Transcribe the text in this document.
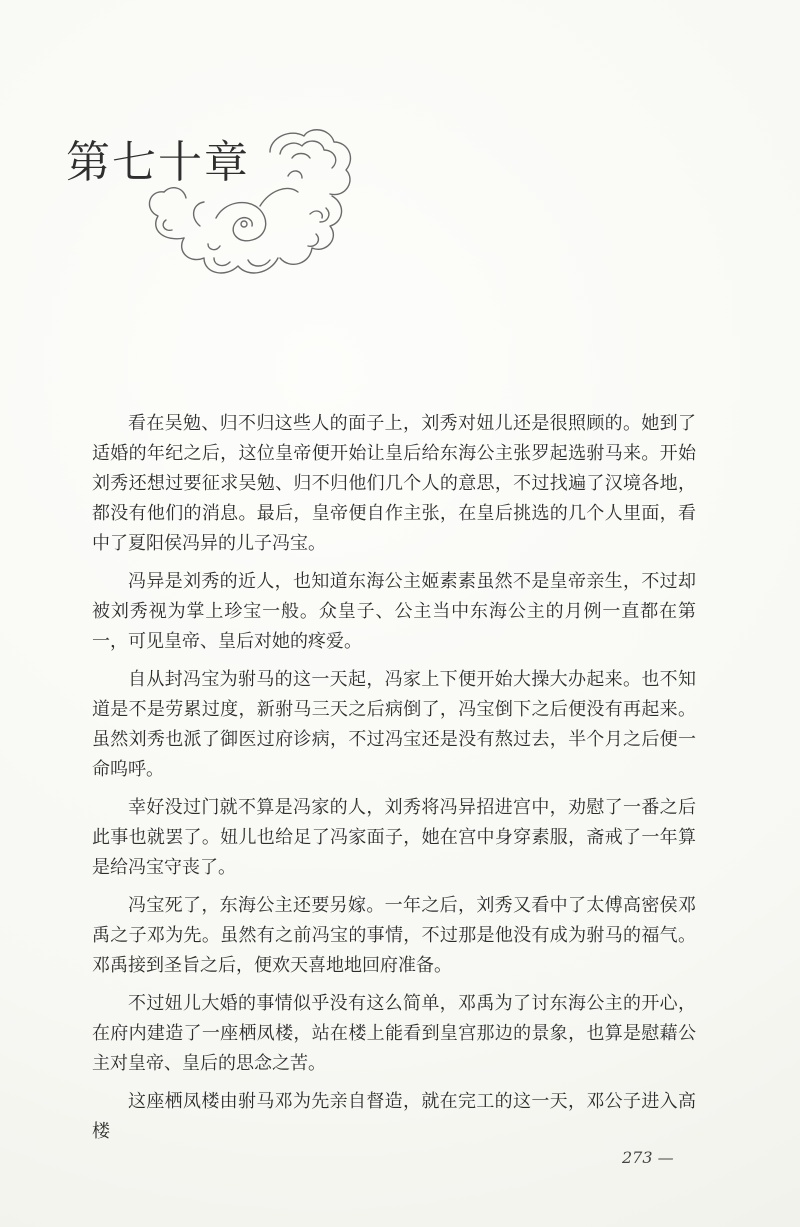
第七十章

看在吴勉、归不归这些人的面子上，刘秀对妞儿还是很照顾的。她到了适婚的年纪之后，这位皇帝便开始让皇后给东海公主张罗起选驸马来。开始刘秀还想过要征求吴勉、归不归他们几个人的意思，不过找遍了汉境各地，都没有他们的消息。最后，皇帝便自作主张，在皇后挑选的几个人里面，看中了夏阳侯冯异的儿子冯宝。

冯异是刘秀的近人，也知道东海公主姬素素虽然不是皇帝亲生，不过却被刘秀视为掌上珍宝一般。众皇子、公主当中东海公主的月例一直都在第一，可见皇帝、皇后对她的疼爱。

自从封冯宝为驸马的这一天起，冯家上下便开始大操大办起来。也不知道是不是劳累过度，新驸马三天之后病倒了，冯宝倒下之后便没有再起来。虽然刘秀也派了御医过府诊病，不过冯宝还是没有熬过去，半个月之后便一命呜呼。

幸好没过门就不算是冯家的人，刘秀将冯异招进宫中，劝慰了一番之后此事也就罢了。妞儿也给足了冯家面子，她在宫中身穿素服，斋戒了一年算是给冯宝守丧了。

冯宝死了，东海公主还要另嫁。一年之后，刘秀又看中了太傅高密侯邓禹之子邓为先。虽然有之前冯宝的事情，不过那是他没有成为驸马的福气。邓禹接到圣旨之后，便欢天喜地地回府准备。

不过妞儿大婚的事情似乎没有这么简单，邓禹为了讨东海公主的开心，在府内建造了一座栖凤楼，站在楼上能看到皇宫那边的景象，也算是慰藉公主对皇帝、皇后的思念之苦。

这座栖凤楼由驸马邓为先亲自督造，就在完工的这一天，邓公子进入高楼

273 —
